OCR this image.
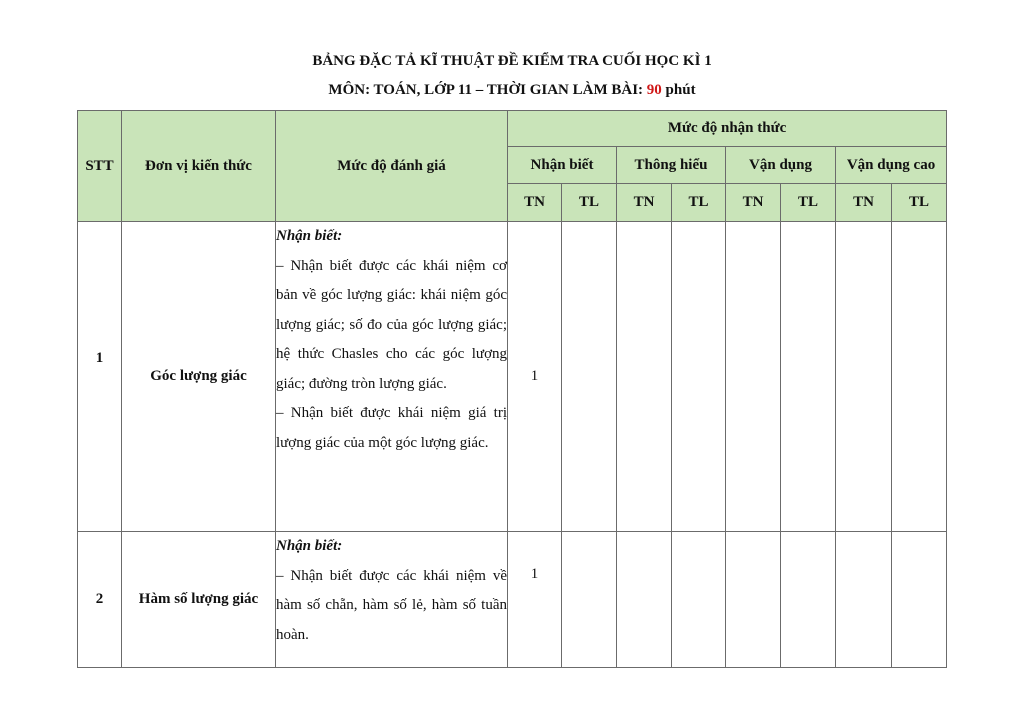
BẢNG ĐẶC TẢ KĨ THUẬT ĐỀ KIỂM TRA CUỐI HỌC KÌ 1
MÔN: TOÁN, LỚP 11 – THỜI GIAN LÀM BÀI: 90 phút
STT	Đơn vị kiến thức	Mức độ đánh giá	Mức độ nhận thức							
			Nhận biết		Thông hiểu		Vận dụng		Vận dụng cao	
			TN	TL	TN	TL	TN	TL	TN	TL
1	Góc lượng giác	Nhận biết:
– Nhận biết được các khái niệm cơ bản về góc lượng giác: khái niệm góc lượng giác; số đo của góc lượng giác; hệ thức Chasles cho các góc lượng giác; đường tròn lượng giác.
– Nhận biết được khái niệm giá trị lượng giác của một góc lượng giác.	1							
2	Hàm số lượng giác	Nhận biết:
– Nhận biết được các khái niệm về hàm số chẵn, hàm số lẻ, hàm số tuần hoàn.	1							
